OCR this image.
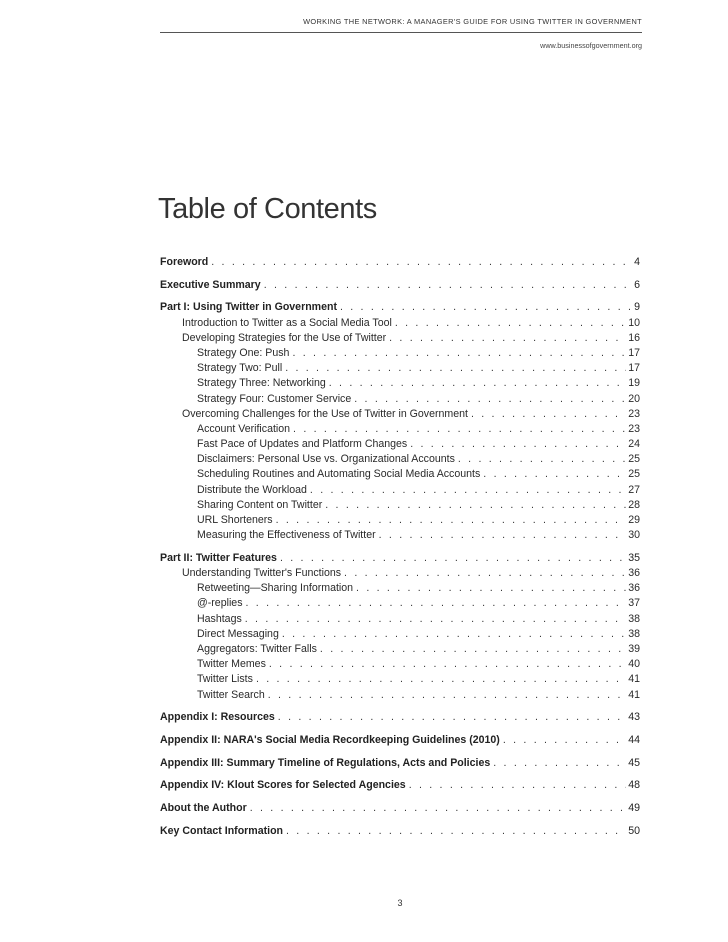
WORKING THE NETWORK: A MANAGER'S GUIDE FOR USING TWITTER IN GOVERNMENT
www.businessofgovernment.org
Table of Contents
Foreword . . .	4
Executive Summary . . .	6
Part I: Using Twitter in Government . . .	9
Introduction to Twitter as a Social Media Tool . . .	10
Developing Strategies for the Use of Twitter . . .	16
Strategy One: Push . . .	17
Strategy Two: Pull . . .	17
Strategy Three: Networking . . .	19
Strategy Four: Customer Service . . .	20
Overcoming Challenges for the Use of Twitter in Government . . .	23
Account Verification . . .	23
Fast Pace of Updates and Platform Changes . . .	24
Disclaimers: Personal Use vs. Organizational Accounts . . .	25
Scheduling Routines and Automating Social Media Accounts . . .	25
Distribute the Workload . . .	27
Sharing Content on Twitter . . .	28
URL Shorteners . . .	29
Measuring the Effectiveness of Twitter . . .	30
Part II: Twitter Features . . .	35
Understanding Twitter's Functions . . .	36
Retweeting—Sharing Information . . .	36
@-replies . . .	37
Hashtags . . .	38
Direct Messaging . . .	38
Aggregators: Twitter Falls . . .	39
Twitter Memes . . .	40
Twitter Lists . . .	41
Twitter Search . . .	41
Appendix I: Resources . . .	43
Appendix II: NARA's Social Media Recordkeeping Guidelines (2010) . . .	44
Appendix III: Summary Timeline of Regulations, Acts and Policies . . .	45
Appendix IV: Klout Scores for Selected Agencies . . .	48
About the Author . . .	49
Key Contact Information . . .	50
3
